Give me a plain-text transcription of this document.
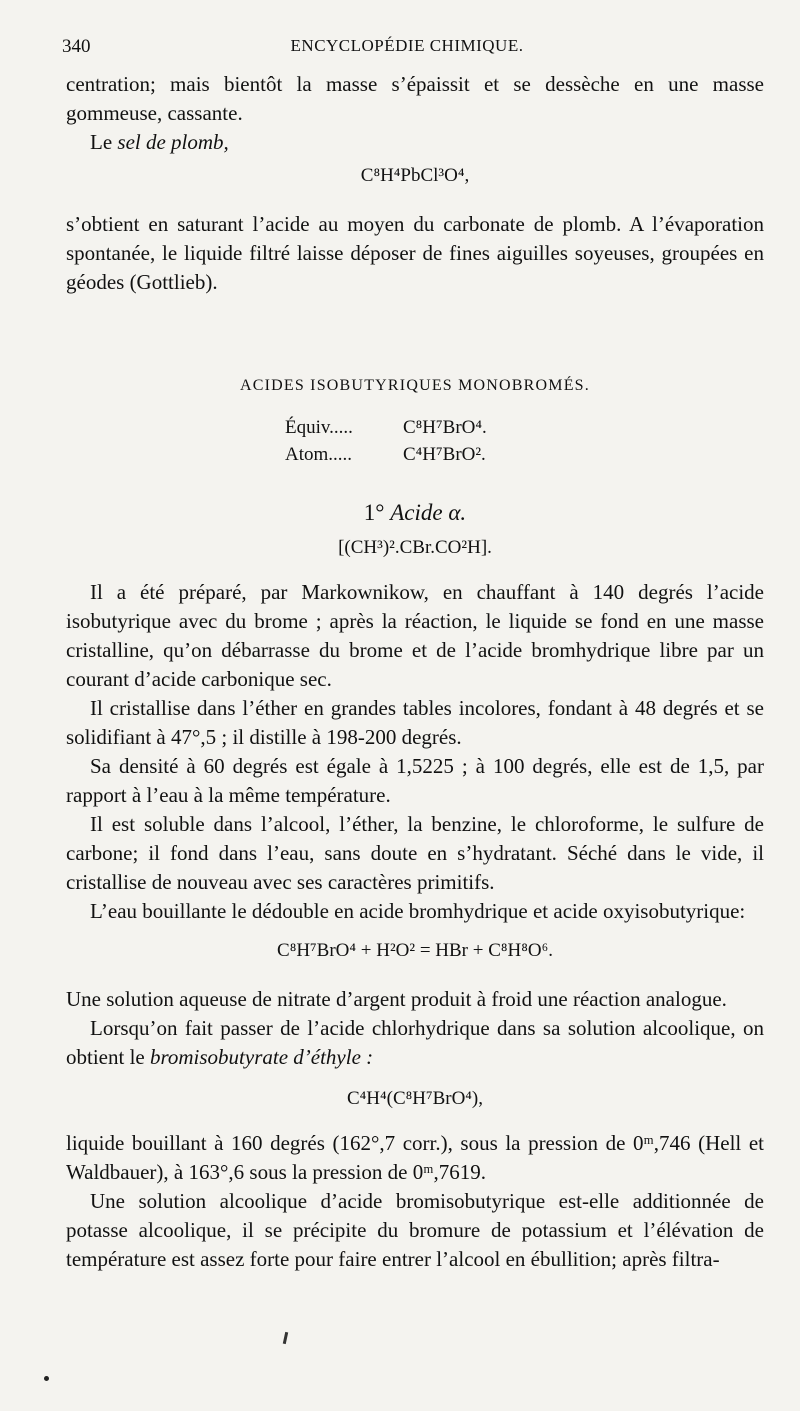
340	ENCYCLOPÉDIE CHIMIQUE.

centration; mais bientôt la masse s’épaissit et se dessèche en une masse gommeuse, cassante.

Le sel de plomb,

C⁸H⁴PbCl³O⁴,

s’obtient en saturant l’acide au moyen du carbonate de plomb. A l’évaporation spontanée, le liquide filtré laisse déposer de fines aiguilles soyeuses, groupées en géodes (Gottlieb).

ACIDES ISOBUTYRIQUES MONOBROMÉS.

Équiv.....	C⁸H⁷BrO⁴.
Atom.....	C⁴H⁷BrO².

1° Acide α.

[(CH³)².CBr.CO²H].

Il a été préparé, par Markownikow, en chauffant à 140 degrés l’acide isobutyrique avec du brome ; après la réaction, le liquide se fond en une masse cristalline, qu’on débarrasse du brome et de l’acide bromhydrique libre par un courant d’acide carbonique sec.

Il cristallise dans l’éther en grandes tables incolores, fondant à 48 degrés et se solidifiant à 47°,5 ; il distille à 198-200 degrés.

Sa densité à 60 degrés est égale à 1,5225 ; à 100 degrés, elle est de 1,5, par rapport à l’eau à la même température.

Il est soluble dans l’alcool, l’éther, la benzine, le chloroforme, le sulfure de carbone; il fond dans l’eau, sans doute en s’hydratant. Séché dans le vide, il cristallise de nouveau avec ses caractères primitifs.

L’eau bouillante le dédouble en acide bromhydrique et acide oxyisobutyrique:

C⁸H⁷BrO⁴ + H²O² = HBr + C⁸H⁸O⁶.

Une solution aqueuse de nitrate d’argent produit à froid une réaction analogue.

Lorsqu’on fait passer de l’acide chlorhydrique dans sa solution alcoolique, on obtient le bromisobutyrate d’éthyle :

C⁴H⁴(C⁸H⁷BrO⁴),

liquide bouillant à 160 degrés (162°,7 corr.), sous la pression de 0ᵐ,746 (Hell et Waldbauer), à 163°,6 sous la pression de 0ᵐ,7619.

Une solution alcoolique d’acide bromisobutyrique est-elle additionnée de potasse alcoolique, il se précipite du bromure de potassium et l’élévation de température est assez forte pour faire entrer l’alcool en ébullition; après filtra-
